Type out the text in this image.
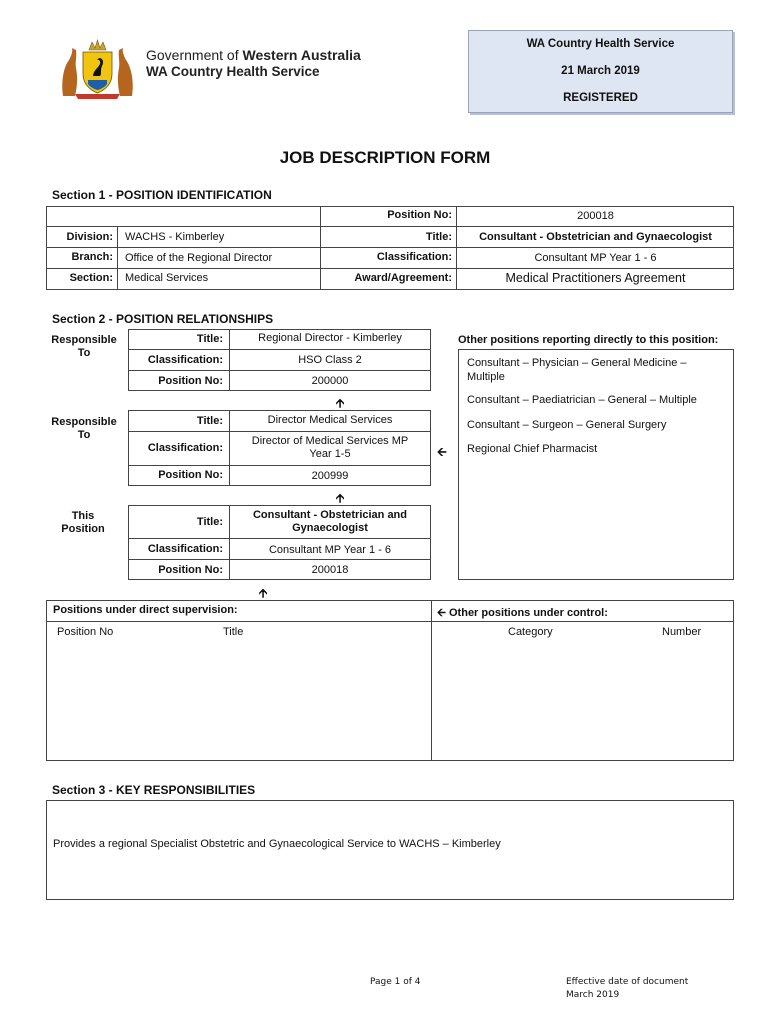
Government of Western Australia
WA Country Health Service
WA Country Health Service
21 March 2019
REGISTERED
JOB DESCRIPTION FORM
Section 1 - POSITION IDENTIFICATION
Position No:	200018
Division: WACHS - Kimberley	Title:	Consultant - Obstetrician and Gynaecologist
Branch: Office of the Regional Director	Classification:	Consultant MP Year 1 - 6
Section: Medical Services	Award/Agreement:	Medical Practitioners Agreement
Section 2 - POSITION RELATIONSHIPS
Responsible To
Title:	Regional Director - Kimberley
Classification:	HSO Class 2
Position No:	200000
🡩
Responsible To
Title:	Director Medical Services
Classification:
Director of Medical Services MP Year 1-5
Position No:	200999
🡨
🡩
This Position
Title:
Consultant - Obstetrician and Gynaecologist
Classification:	Consultant MP Year 1 - 6
Position No:	200018
Other positions reporting directly to this position:
Consultant – Physician – General Medicine – Multiple
Consultant – Paediatrician – General – Multiple
Consultant – Surgeon – General Surgery
Regional Chief Pharmacist
🡩
Positions under direct supervision:	🡨 Other positions under control:
Position No	Title	Category	Number
Section 3 - KEY RESPONSIBILITIES
Provides a regional Specialist Obstetric and Gynaecological Service to WACHS – Kimberley
Page 1 of 4	Effective date of document
March 2019
